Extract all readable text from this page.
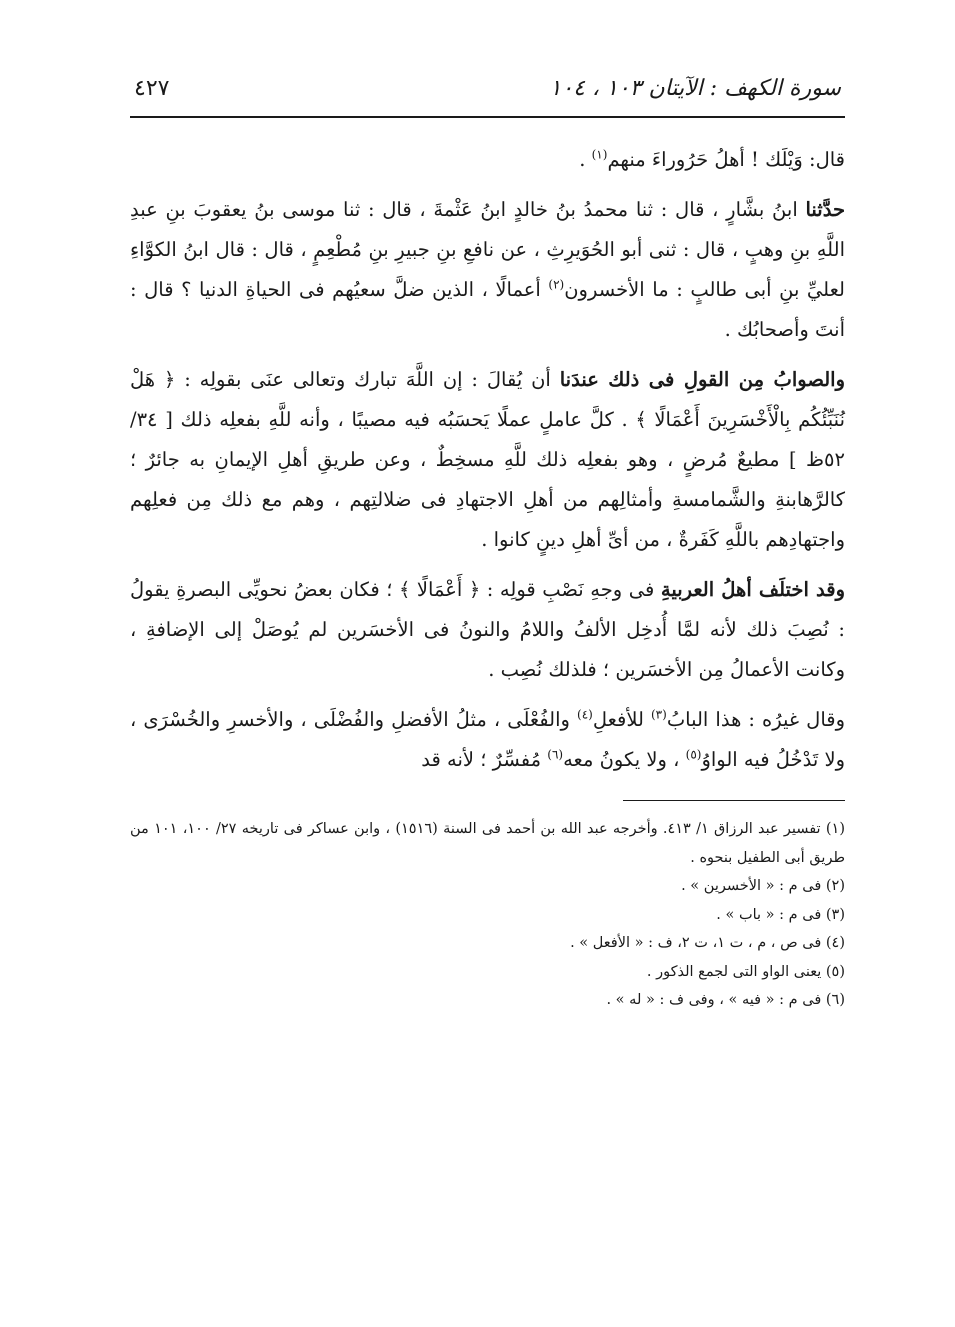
سورة الكهف : الآيتان ١٠٣ ، ١٠٤
٤٢٧

قال: وَيْلَك ! أهلُ حَرُوراءَ منهم$^{(١)}$ .

حدَّثنا ابنُ بشَّارٍ ، قال : ثنا محمدُ بنُ خالدٍ ابنُ عَثْمةَ ، قال : ثنا موسى بنُ يعقوبَ بنِ عبدِ اللَّهِ بنِ وهبٍ ، قال : ثنى أبو الحُوَيرِثِ ، عن نافعِ بنِ جبيرِ بنِ مُطْعِمٍ ، قال : قال ابنُ الكوَّاءِ لعليِّ بنِ أبى طالبٍ : ما الأخسرون$^{(٢)}$ أعمالًا ، الذين ضلَّ سعيُهم فى الحياةِ الدنيا ؟ قال : أنتَ وأصحابُك .

والصوابُ مِن القولِ فى ذلك عندَنا أن يُقالَ : إن اللَّهَ تبارك وتعالى عنَى بقولِه : ﴿ هَلْ نُنَبِّئُكُم بِالْأَخْسَرِينَ أَعْمَالًا ﴾ . كلَّ عاملٍ عملًا يَحسَبُه فيه مصيبًا ، وأنه للَّهِ بفعلِه ذلك [ ٣٤/ ٥٢ظ ] مطيعٌ مُرضٍ ، وهو بفعلِه ذلك للَّهِ مسخِطٌ ، وعن طريقِ أهلِ الإيمانِ به جائرٌ ؛ كالرَّهابنةِ والشَّمامسةِ وأمثالِهم من أهلِ الاجتهادِ فى ضلالتِهم ، وهم مع ذلك مِن فعلِهم واجتهادِهم باللَّهِ كَفَرةٌ ، من أىِّ أهلِ دينٍ كانوا .

وقد اختلَف أهلُ العربيةِ فى وجهِ نَصْبِ قولِه : ﴿ أَعْمَالًا ﴾ ؛ فكان بعضُ نحويِّى البصرةِ يقولُ : نُصِبَ ذلك لأنه لمَّا أُدخِل الألفُ واللامُ والنونُ فى الأخسَرين لم يُوصَلْ إلى الإضافةِ ، وكانت الأعمالُ مِن الأخسَرين ؛ فلذلك نُصِب .

وقال غيرُه : هذا البابُ$^{(٣)}$ للأفعلِ$^{(٤)}$ والفُعْلَى ، مثلُ الأفضلِ والفُضْلَى ، والأخسرِ والخُسْرَى ، ولا تَدْخُلُ فيه الواوُ$^{(٥)}$ ، ولا يكونُ معه$^{(٦)}$ مُفسِّرٌ ؛ لأنه قد

(١) تفسير عبد الرزاق ١/ ٤١٣. وأخرجه عبد الله بن أحمد فى السنة (١٥١٦) ، وابن عساكر فى تاريخه ٢٧/ ١٠٠، ١٠١ من طريق أبى الطفيل بنحوه .

(٢) فى م : « الأخسرين » .

(٣) فى م : « باب » .

(٤) فى ص ، م ، ت ١، ت ٢، ف : « الأفعل » .

(٥) يعنى الواو التى لجمع الذكور .

(٦) فى م : « فيه » ، وفى ف : « له » .
